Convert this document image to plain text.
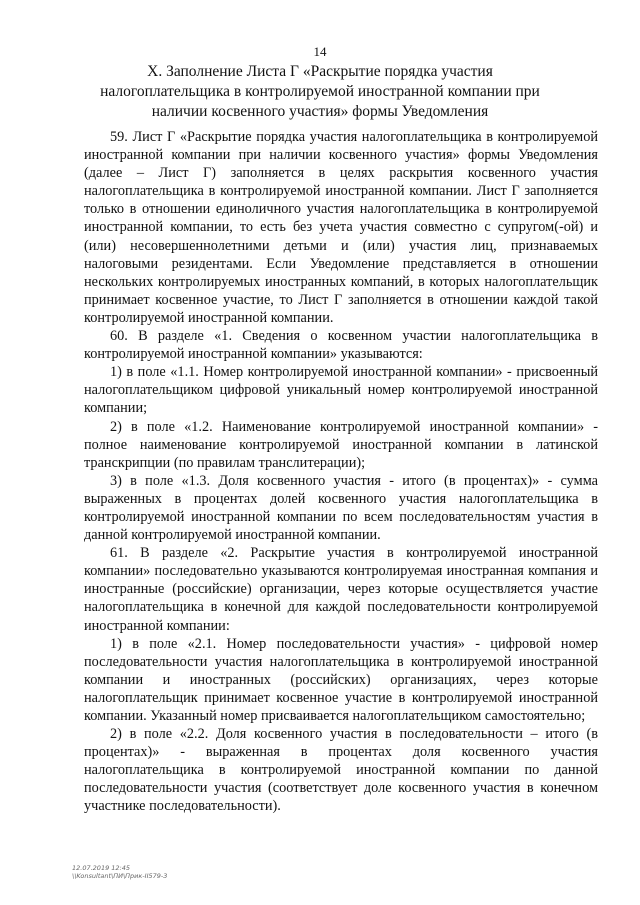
14
X. Заполнение Листа Г «Раскрытие порядка участия налогоплательщика в контролируемой иностранной компании при наличии косвенного участия» формы Уведомления

59. Лист Г «Раскрытие порядка участия налогоплательщика в контролируемой иностранной компании при наличии косвенного участия» формы Уведомления (далее – Лист Г) заполняется в целях раскрытия косвенного участия налогоплательщика в контролируемой иностранной компании. Лист Г заполняется только в отношении единоличного участия налогоплательщика в контролируемой иностранной компании, то есть без учета участия совместно с супругом(-ой) и (или) несовершеннолетними детьми и (или) участия лиц, признаваемых налоговыми резидентами. Если Уведомление представляется в отношении нескольких контролируемых иностранных компаний, в которых налогоплательщик принимает косвенное участие, то Лист Г заполняется в отношении каждой такой контролируемой иностранной компании.

60. В разделе «1. Сведения о косвенном участии налогоплательщика в контролируемой иностранной компании» указываются:

1) в поле «1.1. Номер контролируемой иностранной компании» - присвоенный налогоплательщиком цифровой уникальный номер контролируемой иностранной компании;

2) в поле «1.2. Наименование контролируемой иностранной компании» - полное наименование контролируемой иностранной компании в латинской транскрипции (по правилам транслитерации);

3) в поле «1.3. Доля косвенного участия - итого (в процентах)» - сумма выраженных в процентах долей косвенного участия налогоплательщика в контролируемой иностранной компании по всем последовательностям участия в данной контролируемой иностранной компании.

61. В разделе «2. Раскрытие участия в контролируемой иностранной компании» последовательно указываются контролируемая иностранная компания и иностранные (российские) организации, через которые осуществляется участие налогоплательщика в конечной для каждой последовательности контролируемой иностранной компании:

1) в поле «2.1. Номер последовательности участия» - цифровой номер последовательности участия налогоплательщика в контролируемой иностранной компании и иностранных (российских) организациях, через которые налогоплательщик принимает косвенное участие в контролируемой иностранной компании. Указанный номер присваивается налогоплательщиком самостоятельно;

2) в поле «2.2. Доля косвенного участия в последовательности – итого (в процентах)» - выраженная в процентах доля косвенного участия налогоплательщика в контролируемой иностранной компании по данной последовательности участия (соответствует доле косвенного участия в конечном участнике последовательности).

12.07.2019 12:45
\\Konsultant\ПИ\Прик-II579-3
